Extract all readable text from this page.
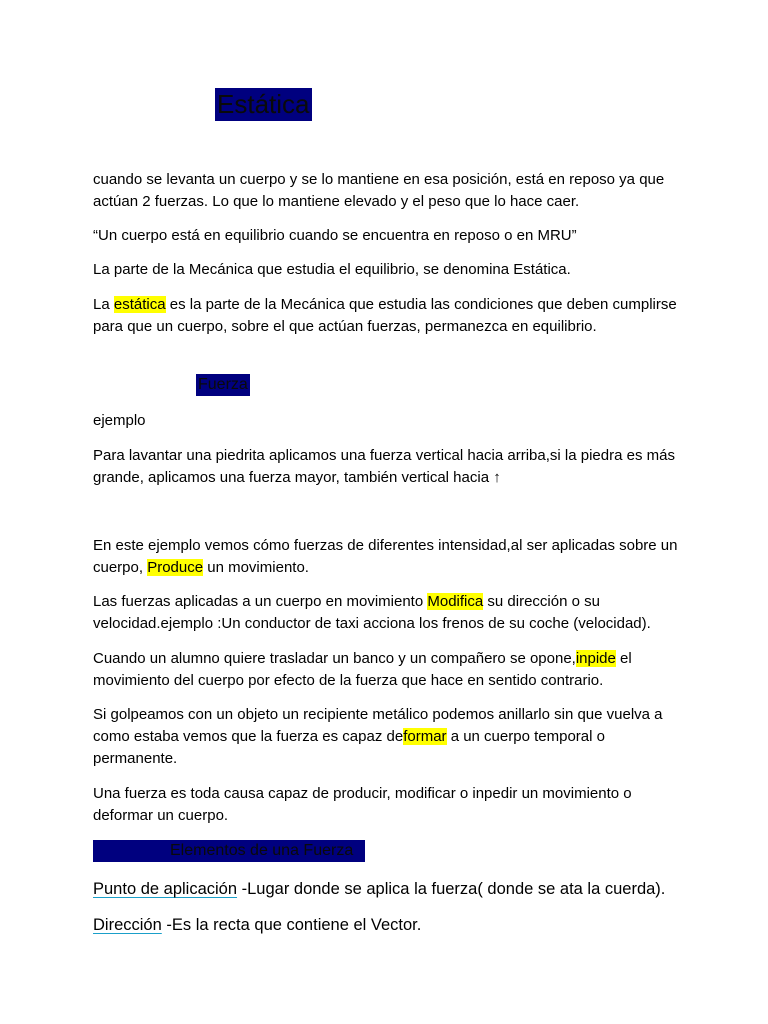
Estática

cuando se levanta un cuerpo y se lo mantiene en esa posición, está en reposo ya que actúan 2 fuerzas. Lo que lo mantiene elevado y el peso que lo hace caer.

“Un cuerpo está en equilibrio cuando se encuentra en reposo o en MRU”

La parte de la Mecánica que estudia el equilibrio, se denomina Estática.

La estática es la parte de la Mecánica que estudia las condiciones que deben cumplirse para que un cuerpo, sobre el que actúan fuerzas, permanezca en equilibrio.

Fuerza

ejemplo

Para lavantar una piedrita aplicamos una fuerza vertical hacia arriba,si la piedra es más grande, aplicamos una fuerza mayor, también vertical hacia ↑

En este ejemplo vemos cómo fuerzas de diferentes intensidad,al ser aplicadas sobre un cuerpo, Produce un movimiento.

Las fuerzas aplicadas a un cuerpo en movimiento Modifica su dirección o su velocidad.ejemplo :Un conductor de taxi acciona los frenos de su coche (velocidad).

Cuando un alumno quiere trasladar un banco y un compañero se opone,inpide el movimiento del cuerpo por efecto de la fuerza que hace en sentido contrario.

Si golpeamos con un objeto un recipiente metálico podemos anillarlo sin que vuelva a como estaba vemos que la fuerza es capaz deformar a un cuerpo temporal o permanente.

Una fuerza es toda causa capaz de producir, modificar o inpedir un movimiento o deformar un cuerpo.

Elementos de una Fuerza

Punto de aplicación -Lugar donde se aplica la fuerza( donde se ata la cuerda).

Dirección -Es la recta que contiene el Vector.
